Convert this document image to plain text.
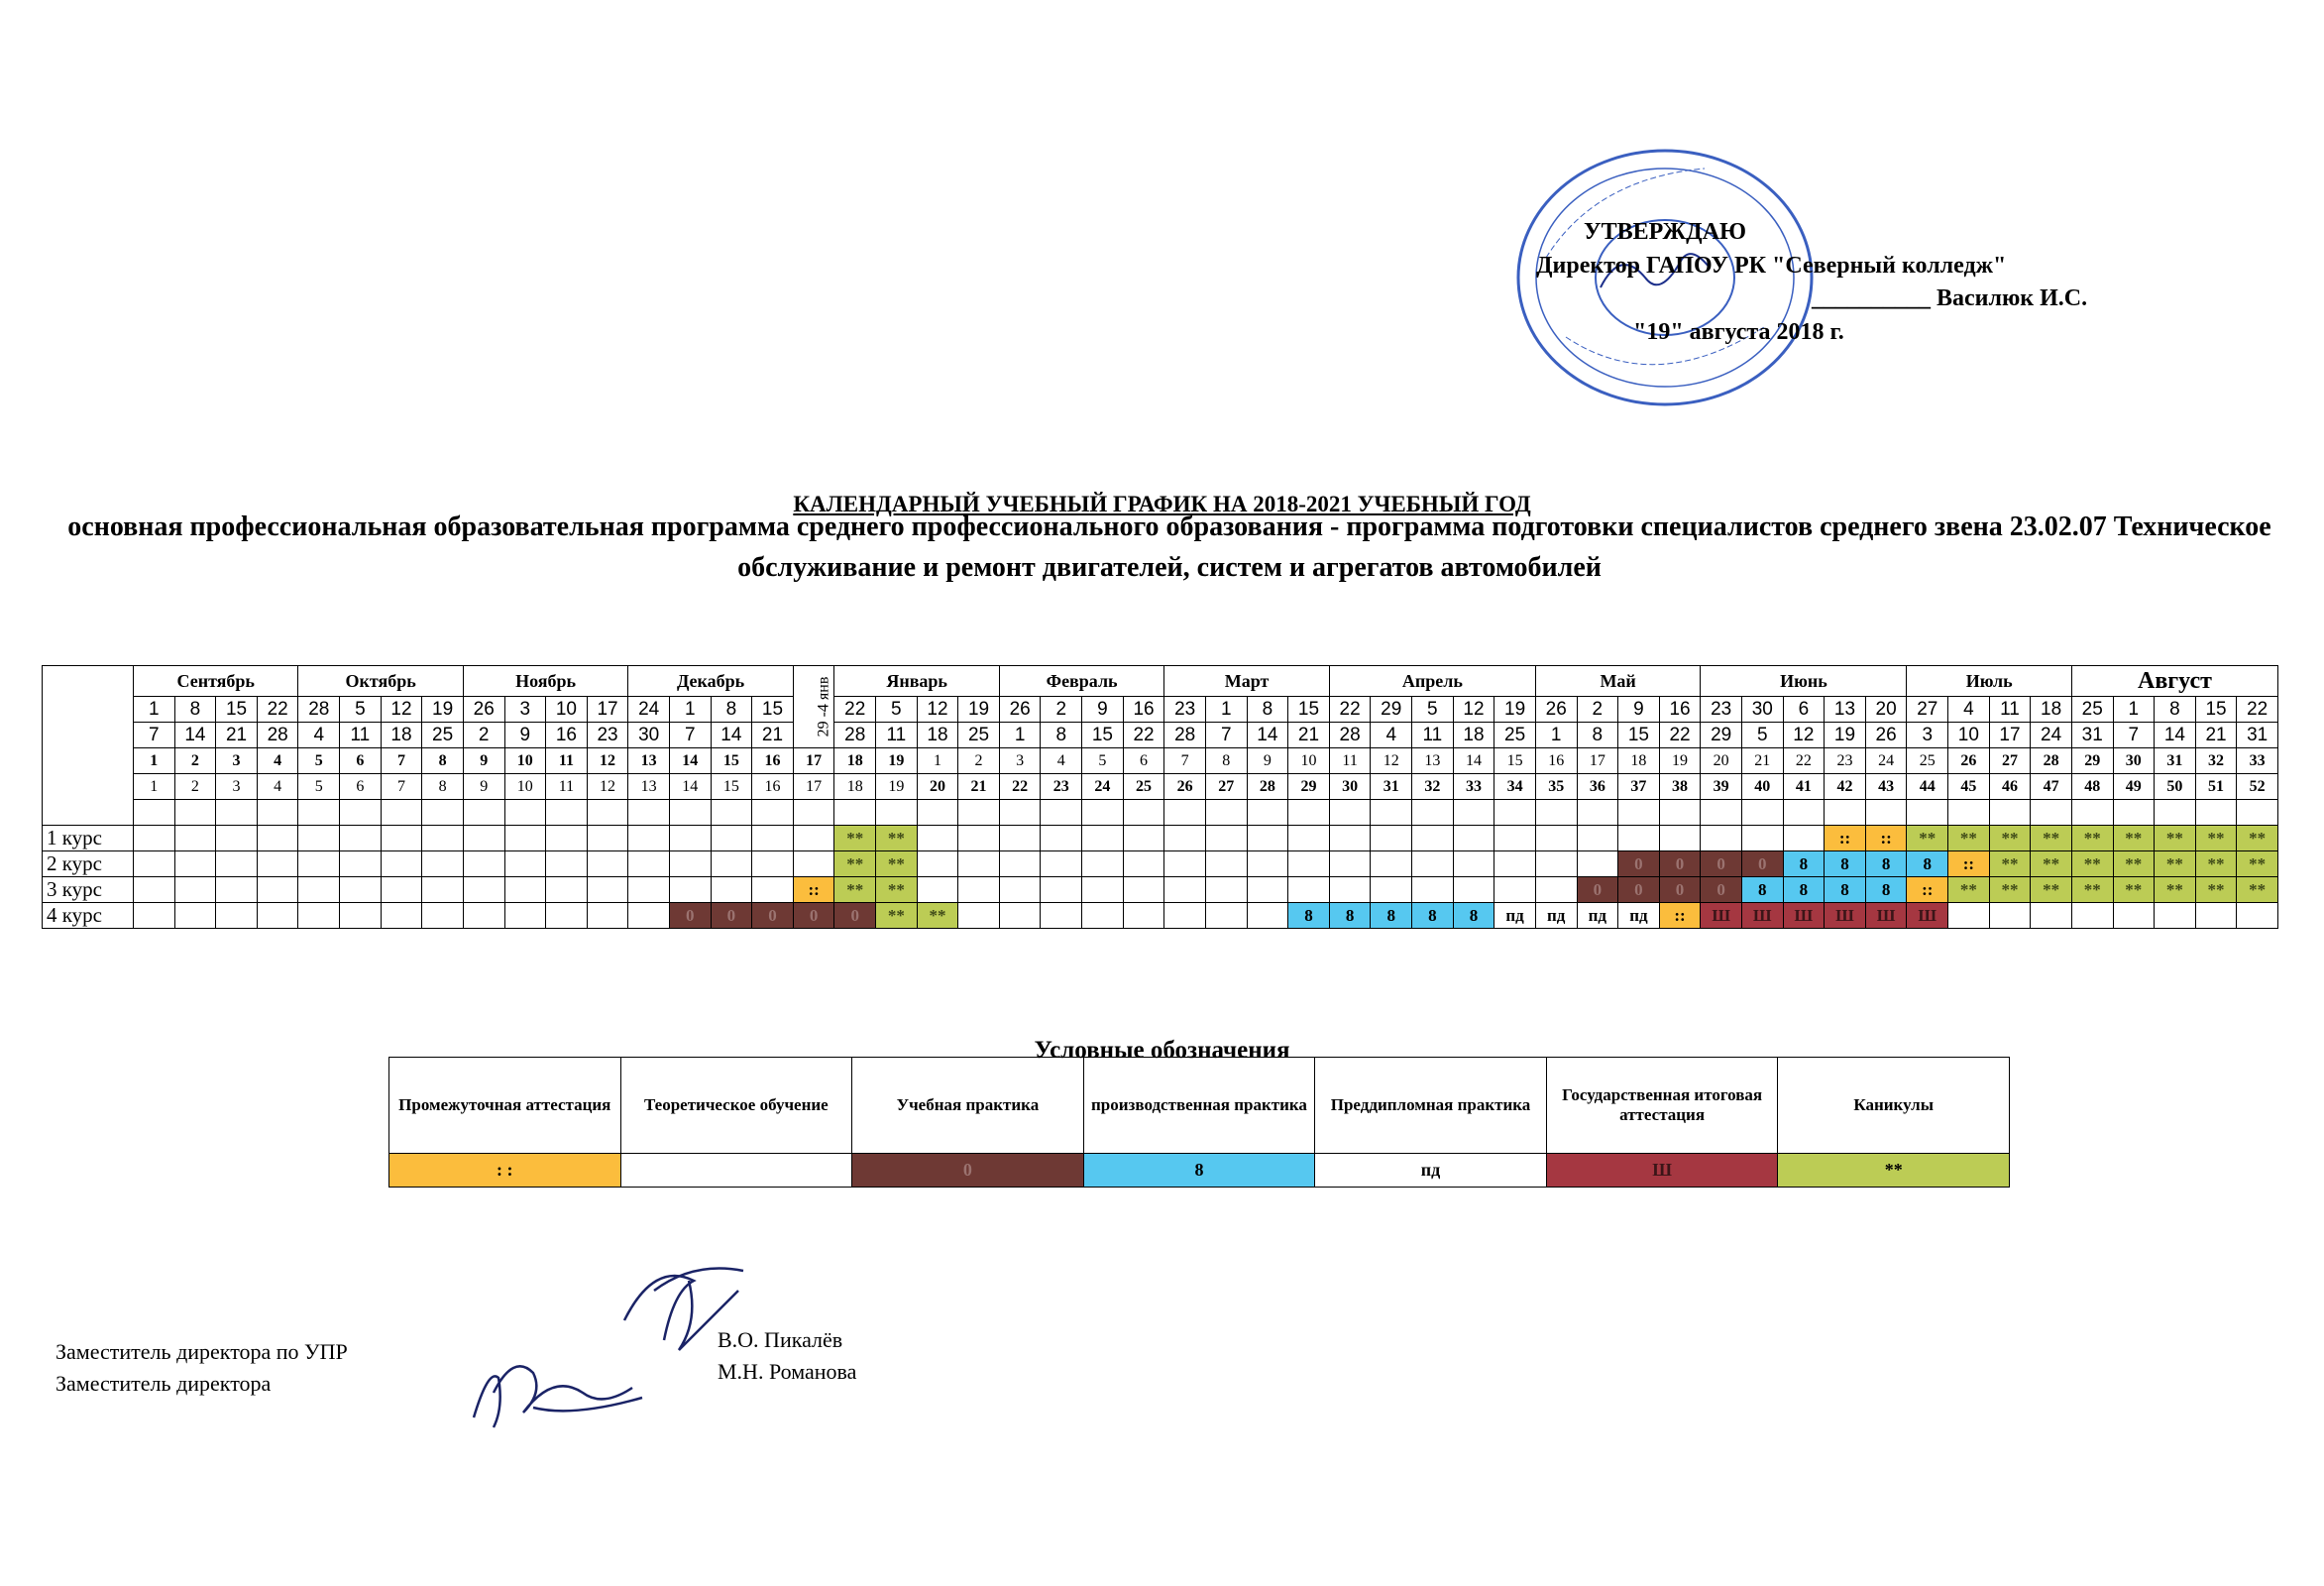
УТВЕРЖДАЮ
Директор ГАПОУ РК "Северный колледж"
__________ Василюк И.С.
"19" августа 2018 г.
КАЛЕНДАРНЫЙ УЧЕБНЫЙ ГРАФИК НА 2018-2021 УЧЕБНЫЙ ГОД
основная профессиональная образовательная программа среднего профессионального образования - программа подготовки специалистов среднего звена 23.02.07 Техническое обслуживание и ремонт двигателей, систем и агрегатов автомобилей
	Сентябрь				Октябрь				Ноябрь				Декабрь				29 -4 янв	Январь				Февраль				Март				Апрель					Май				Июнь					Июль				Август					
	1	8	15	22	28	5	12	19	26	3	10	17	24	1	8	15		22	5	12	19	26	2	9	16	23	1	8	15	22	29	5	12	19	26	2	9	16	23	30	6	13	20	27	4	11	18	25	1	8	15	22	
	7	14	21	28	4	11	18	25	2	9	16	23	30	7	14	21		28	11	18	25	1	8	15	22	28	7	14	21	28	4	11	18	25	1	8	15	22	29	5	12	19	26	3	10	17	24	31	7	14	21	31	
	1	2	3	4	5	6	7	8	9	10	11	12	13	14	15	16	17	18	19	1	2	3	4	5	6	7	8	9	10	11	12	13	14	15	16	17	18	19	20	21	22	23	24	25	26	27	28	29	30	31	32	33	
	1	2	3	4	5	6	7	8	9	10	11	12	13	14	15	16	17	18	19	20	21	22	23	24	25	26	27	28	29	30	31	32	33	34	35	36	37	38	39	40	41	42	43	44	45	46	47	48	49	50	51	52	

1 курс																		**	**																							::	::	**	**	**	**	**	**	**	**	**	
2 курс																		**	**																		0	0	0	0	8	8	8	8	::	**	**	**	**	**	**	**	
3 курс																	::	**	**																	0	0	0	0	8	8	8	8	::	**	**	**	**	**	**	**	**	
4 курс														0	0	0	0	0	**	**									8	8	8	8	8	пд	пд	пд	пд	::	Ш	Ш	Ш	Ш	Ш	Ш									
Условные обозначения
Промежуточная аттестация	Теоретическое обучение	Учебная практика	производственная практика	Преддипломная практика	Государственная итоговая аттестация	Каникулы
: :		0	8	пд	Ш	**
Заместитель директора по УПР
Заместитель директора
В.О. Пикалёв
М.Н. Романова
